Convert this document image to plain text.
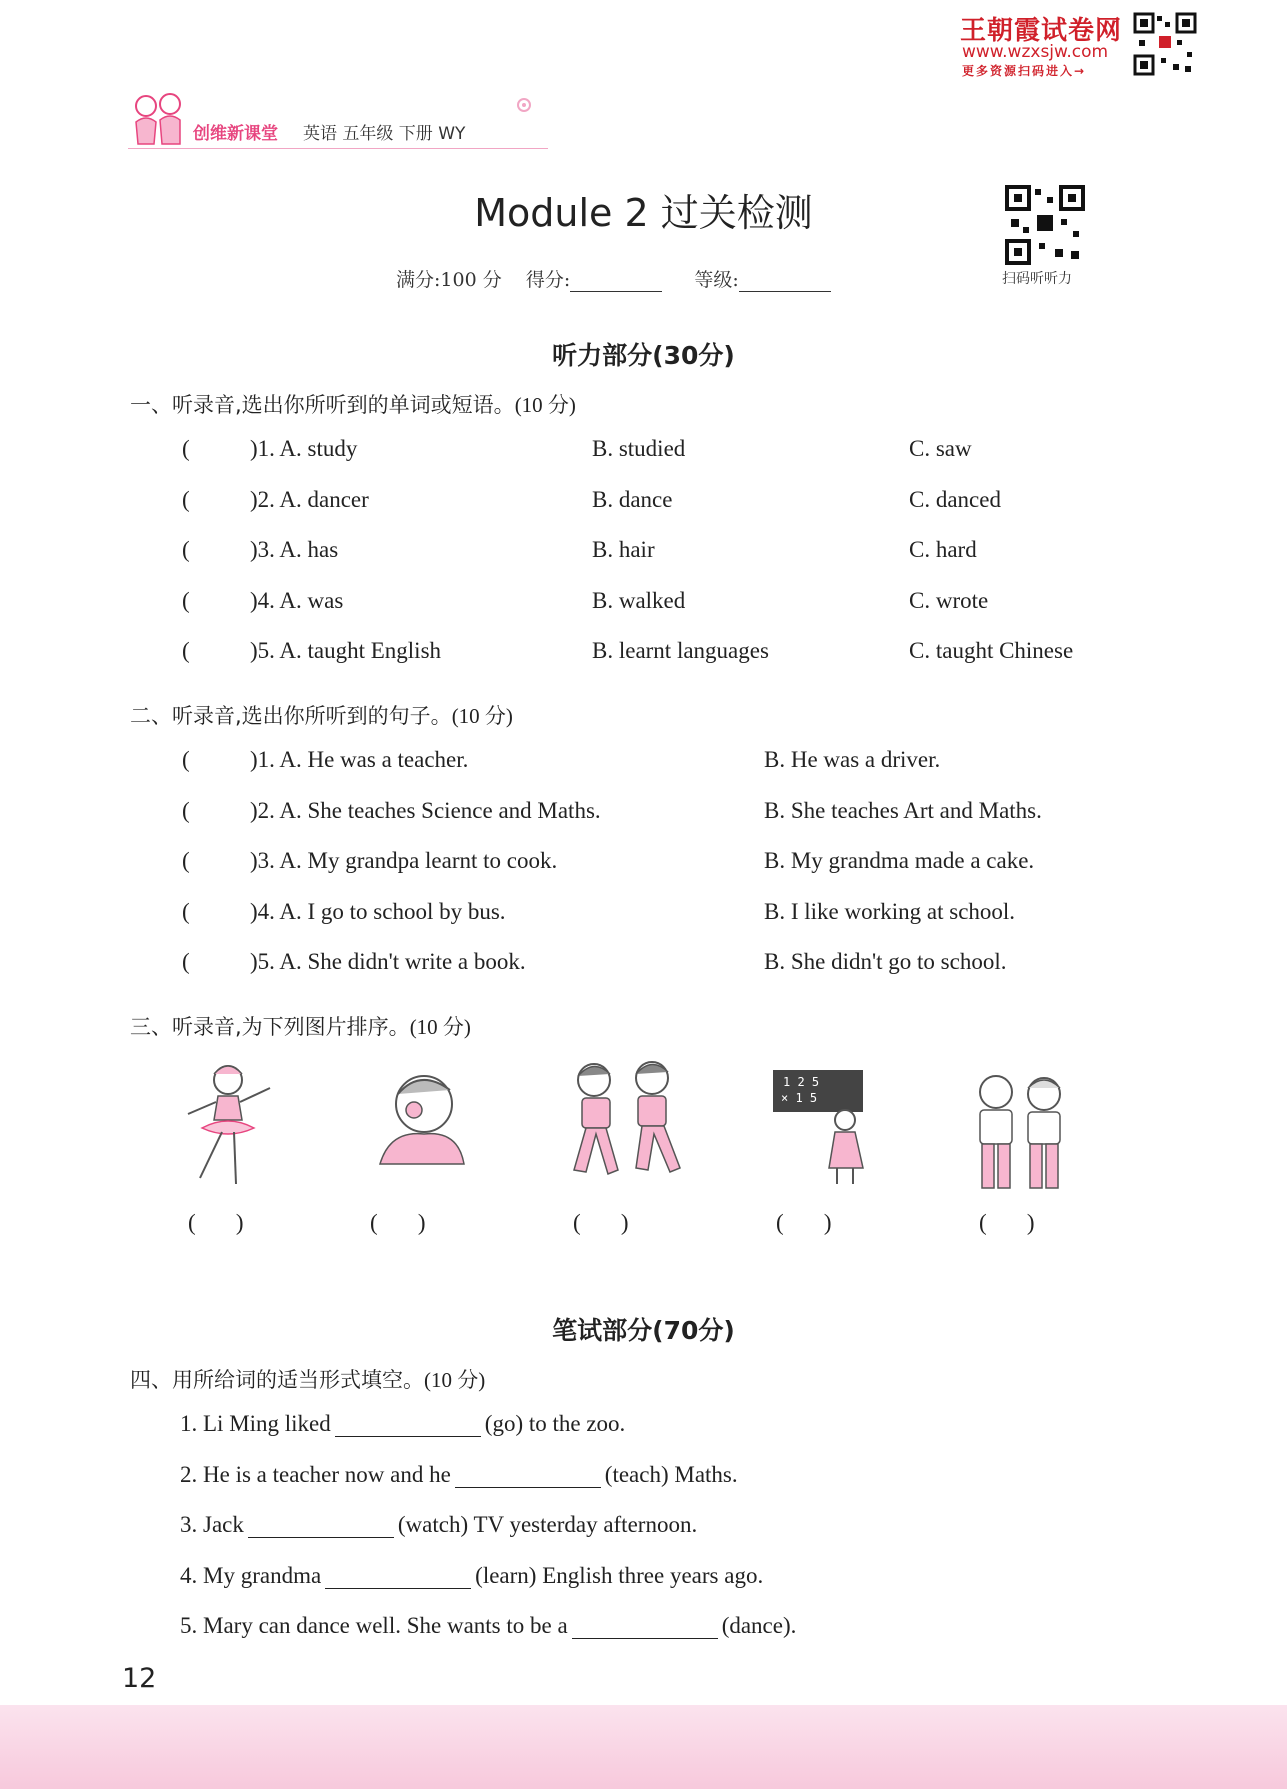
王朝霞试卷网
www.wzxsjw.com
更多资源扫码进入→
创维新课堂 英语 五年级 下册 WY
Module 2 过关检测
满分:100 分 得分:	等级:	扫码听听力
听力部分(30分)
一、听录音,选出你所听到的单词或短语。(10 分)
(	)1. A. study	B. studied	C. saw
(	)2. A. dancer	B. dance	C. danced
(	)3. A. has	B. hair	C. hard
(	)4. A. was	B. walked	C. wrote
(	)5. A. taught English	B. learnt languages	C. taught Chinese
二、听录音,选出你所听到的句子。(10 分)
(	)1. A. He was a teacher.	B. He was a driver.
(	)2. A. She teaches Science and Maths.	B. She teaches Art and Maths.
(	)3. A. My grandpa learnt to cook.	B. My grandma made a cake.
(	)4. A. I go to school by bus.	B. I like working at school.
(	)5. A. She didn't write a book.	B. She didn't go to school.
三、听录音,为下列图片排序。(10 分)
1 2 5
× 1 5
(       )	(       )	(       )	(       )	(       )
笔试部分(70分)
四、用所给词的适当形式填空。(10 分)
1. Li Ming liked	(go) to the zoo.
2. He is a teacher now and he	(teach) Maths.
3. Jack	(watch) TV yesterday afternoon.
4. My grandma	(learn) English three years ago.
5. Mary can dance well. She wants to be a	(dance).
12
